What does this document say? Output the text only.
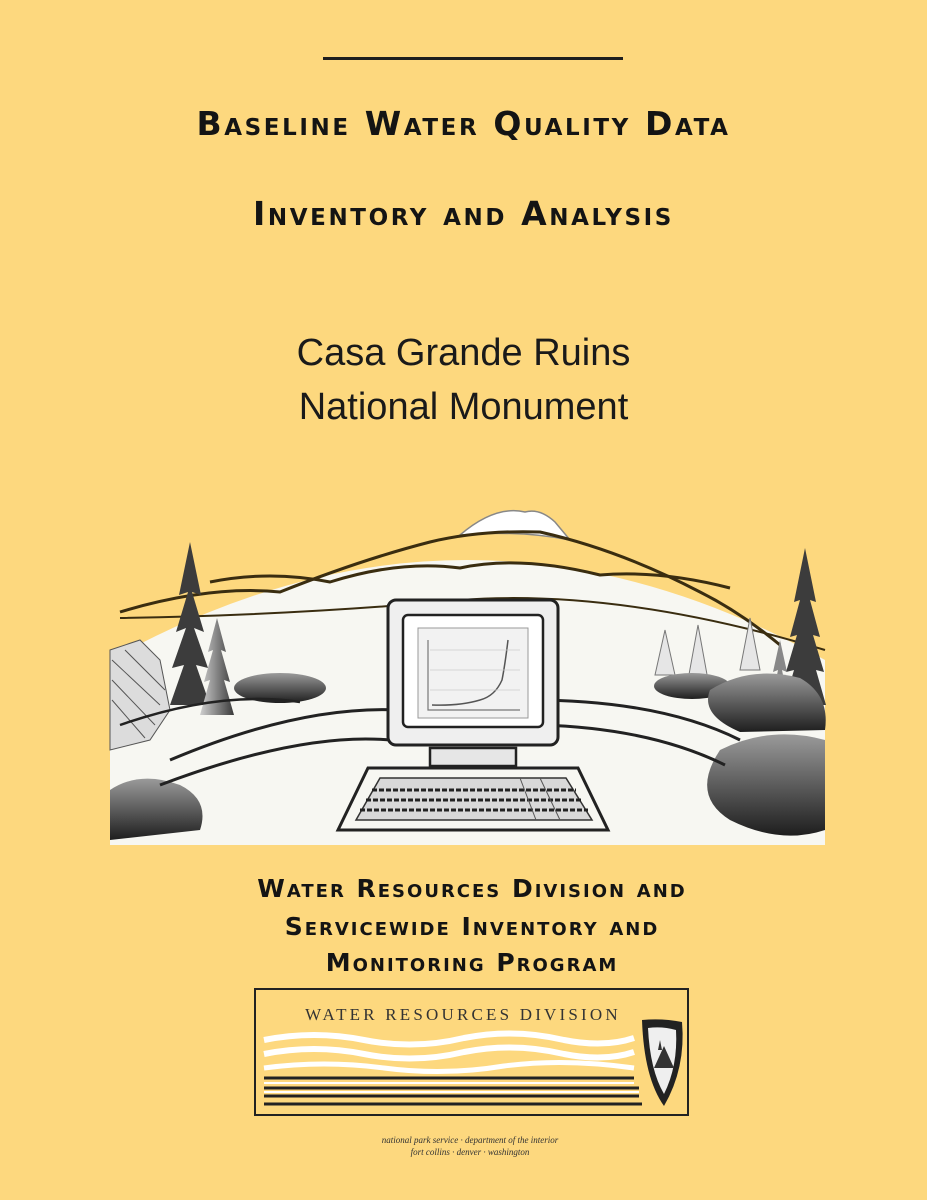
Baseline Water Quality Data
Inventory and Analysis
Casa Grande Ruins
National Monument
Water Resources Division and
Servicewide Inventory and
Monitoring Program
WATER RESOURCES DIVISION
national park service · department of the interior
fort collins · denver · washington
